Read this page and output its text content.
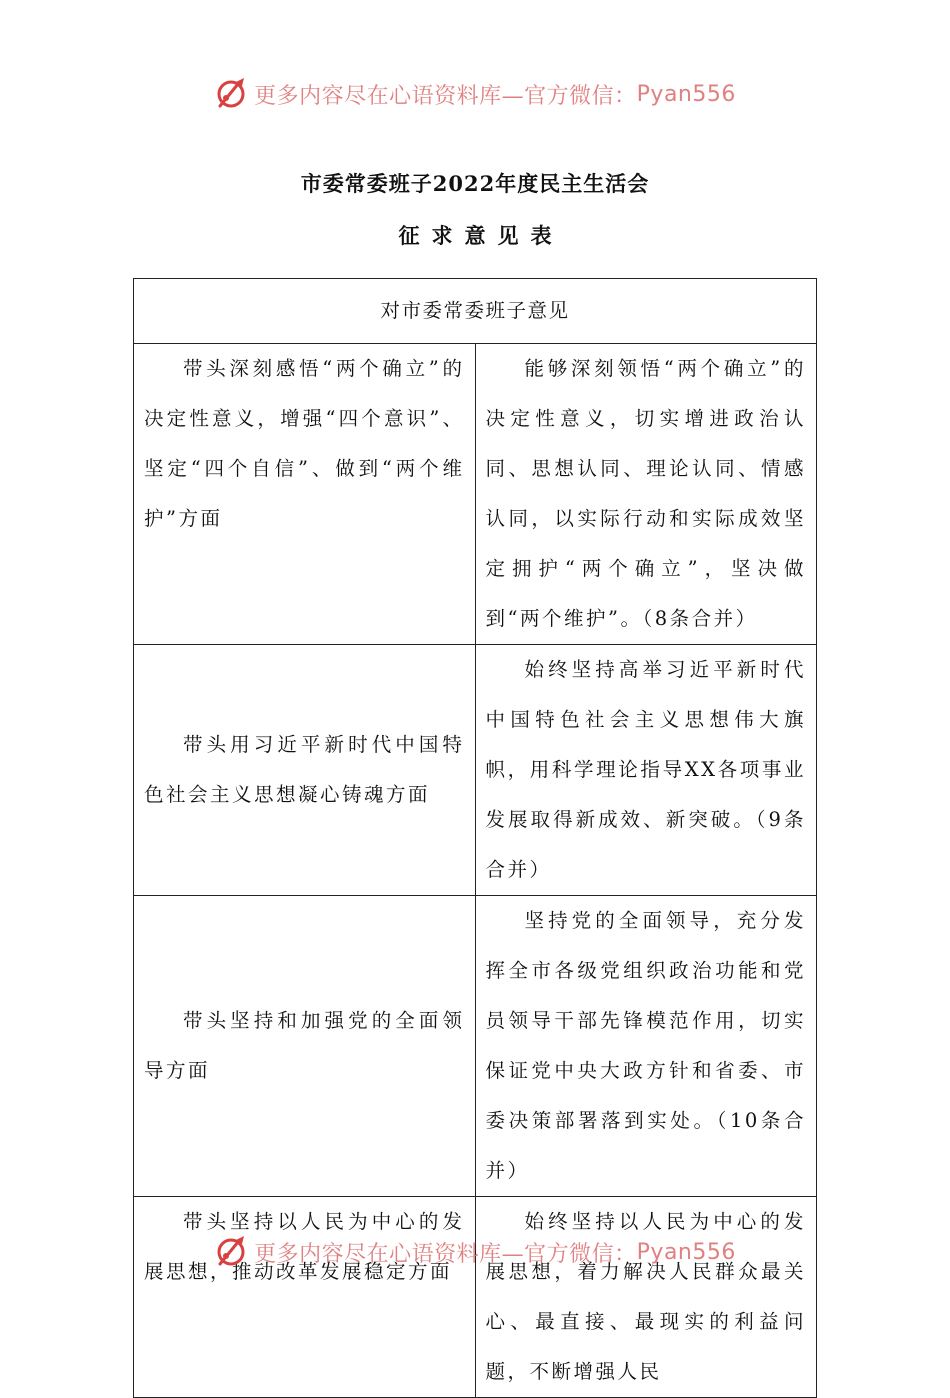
更多内容尽在心语资料库—官方微信： Pyan556
市委常委班子2022年度民主生活会
征求意见表
对市委常委班子意见	

带头深刻感悟“两个确立”的决定性意义，增强“四个意识”、坚定“四个自信”、做到“两个维护”方面	能够深刻领悟“两个确立”的决定性意义，切实增进政治认同、思想认同、理论认同、情感认同，以实际行动和实际成效坚定拥护“两个确立”，坚决做到“两个维护”。（8条合并）

带头用习近平新时代中国特色社会主义思想凝心铸魂方面	始终坚持高举习近平新时代中国特色社会主义思想伟大旗帜，用科学理论指导XX各项事业发展取得新成效、新突破。（9条合并）

带头坚持和加强党的全面领导方面	坚持党的全面领导，充分发挥全市各级党组织政治功能和党员领导干部先锋模范作用，切实保证党中央大政方针和省委、市委决策部署落到实处。（10条合并）

带头坚持以人民为中心的发展思想，推动改革发展稳定方面	始终坚持以人民为中心的发展思想，着力解决人民群众最关心、最直接、最现实的利益问题，不断增强人民

更多内容尽在心语资料库—官方微信： Pyan556
